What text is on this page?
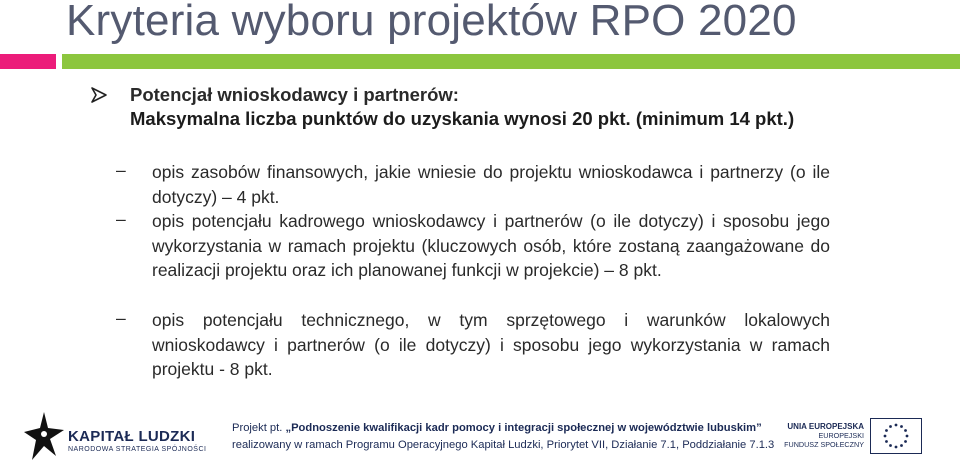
Kryteria wyboru projektów RPO 2020
Potencjał wnioskodawcy i partnerów:
Maksymalna liczba punktów do uzyskania wynosi 20 pkt. (minimum 14 pkt.)
– opis zasobów finansowych, jakie wniesie do projektu wnioskodawca i partnerzy (o ile dotyczy) – 4 pkt.
– opis potencjału kadrowego wnioskodawcy i partnerów (o ile dotyczy) i sposobu jego wykorzystania w ramach projektu (kluczowych osób, które zostaną zaangażowane do realizacji projektu oraz ich planowanej funkcji w projekcie) – 8 pkt.
– opis potencjału technicznego, w tym sprzętowego i warunków lokalowych wnioskodawcy i partnerów (o ile dotyczy) i sposobu jego wykorzystania w ramach projektu - 8 pkt.
KAPITAŁ LUDZKI
NARODOWA STRATEGIA SPÓJNOŚCI
Projekt pt. „Podnoszenie kwalifikacji kadr pomocy i integracji społecznej w województwie lubuskim”
realizowany w ramach Programu Operacyjnego Kapitał Ludzki, Priorytet VII, Działanie 7.1, Poddziałanie 7.1.3
UNIA EUROPEJSKA
EUROPEJSKI
FUNDUSZ SPOŁECZNY
